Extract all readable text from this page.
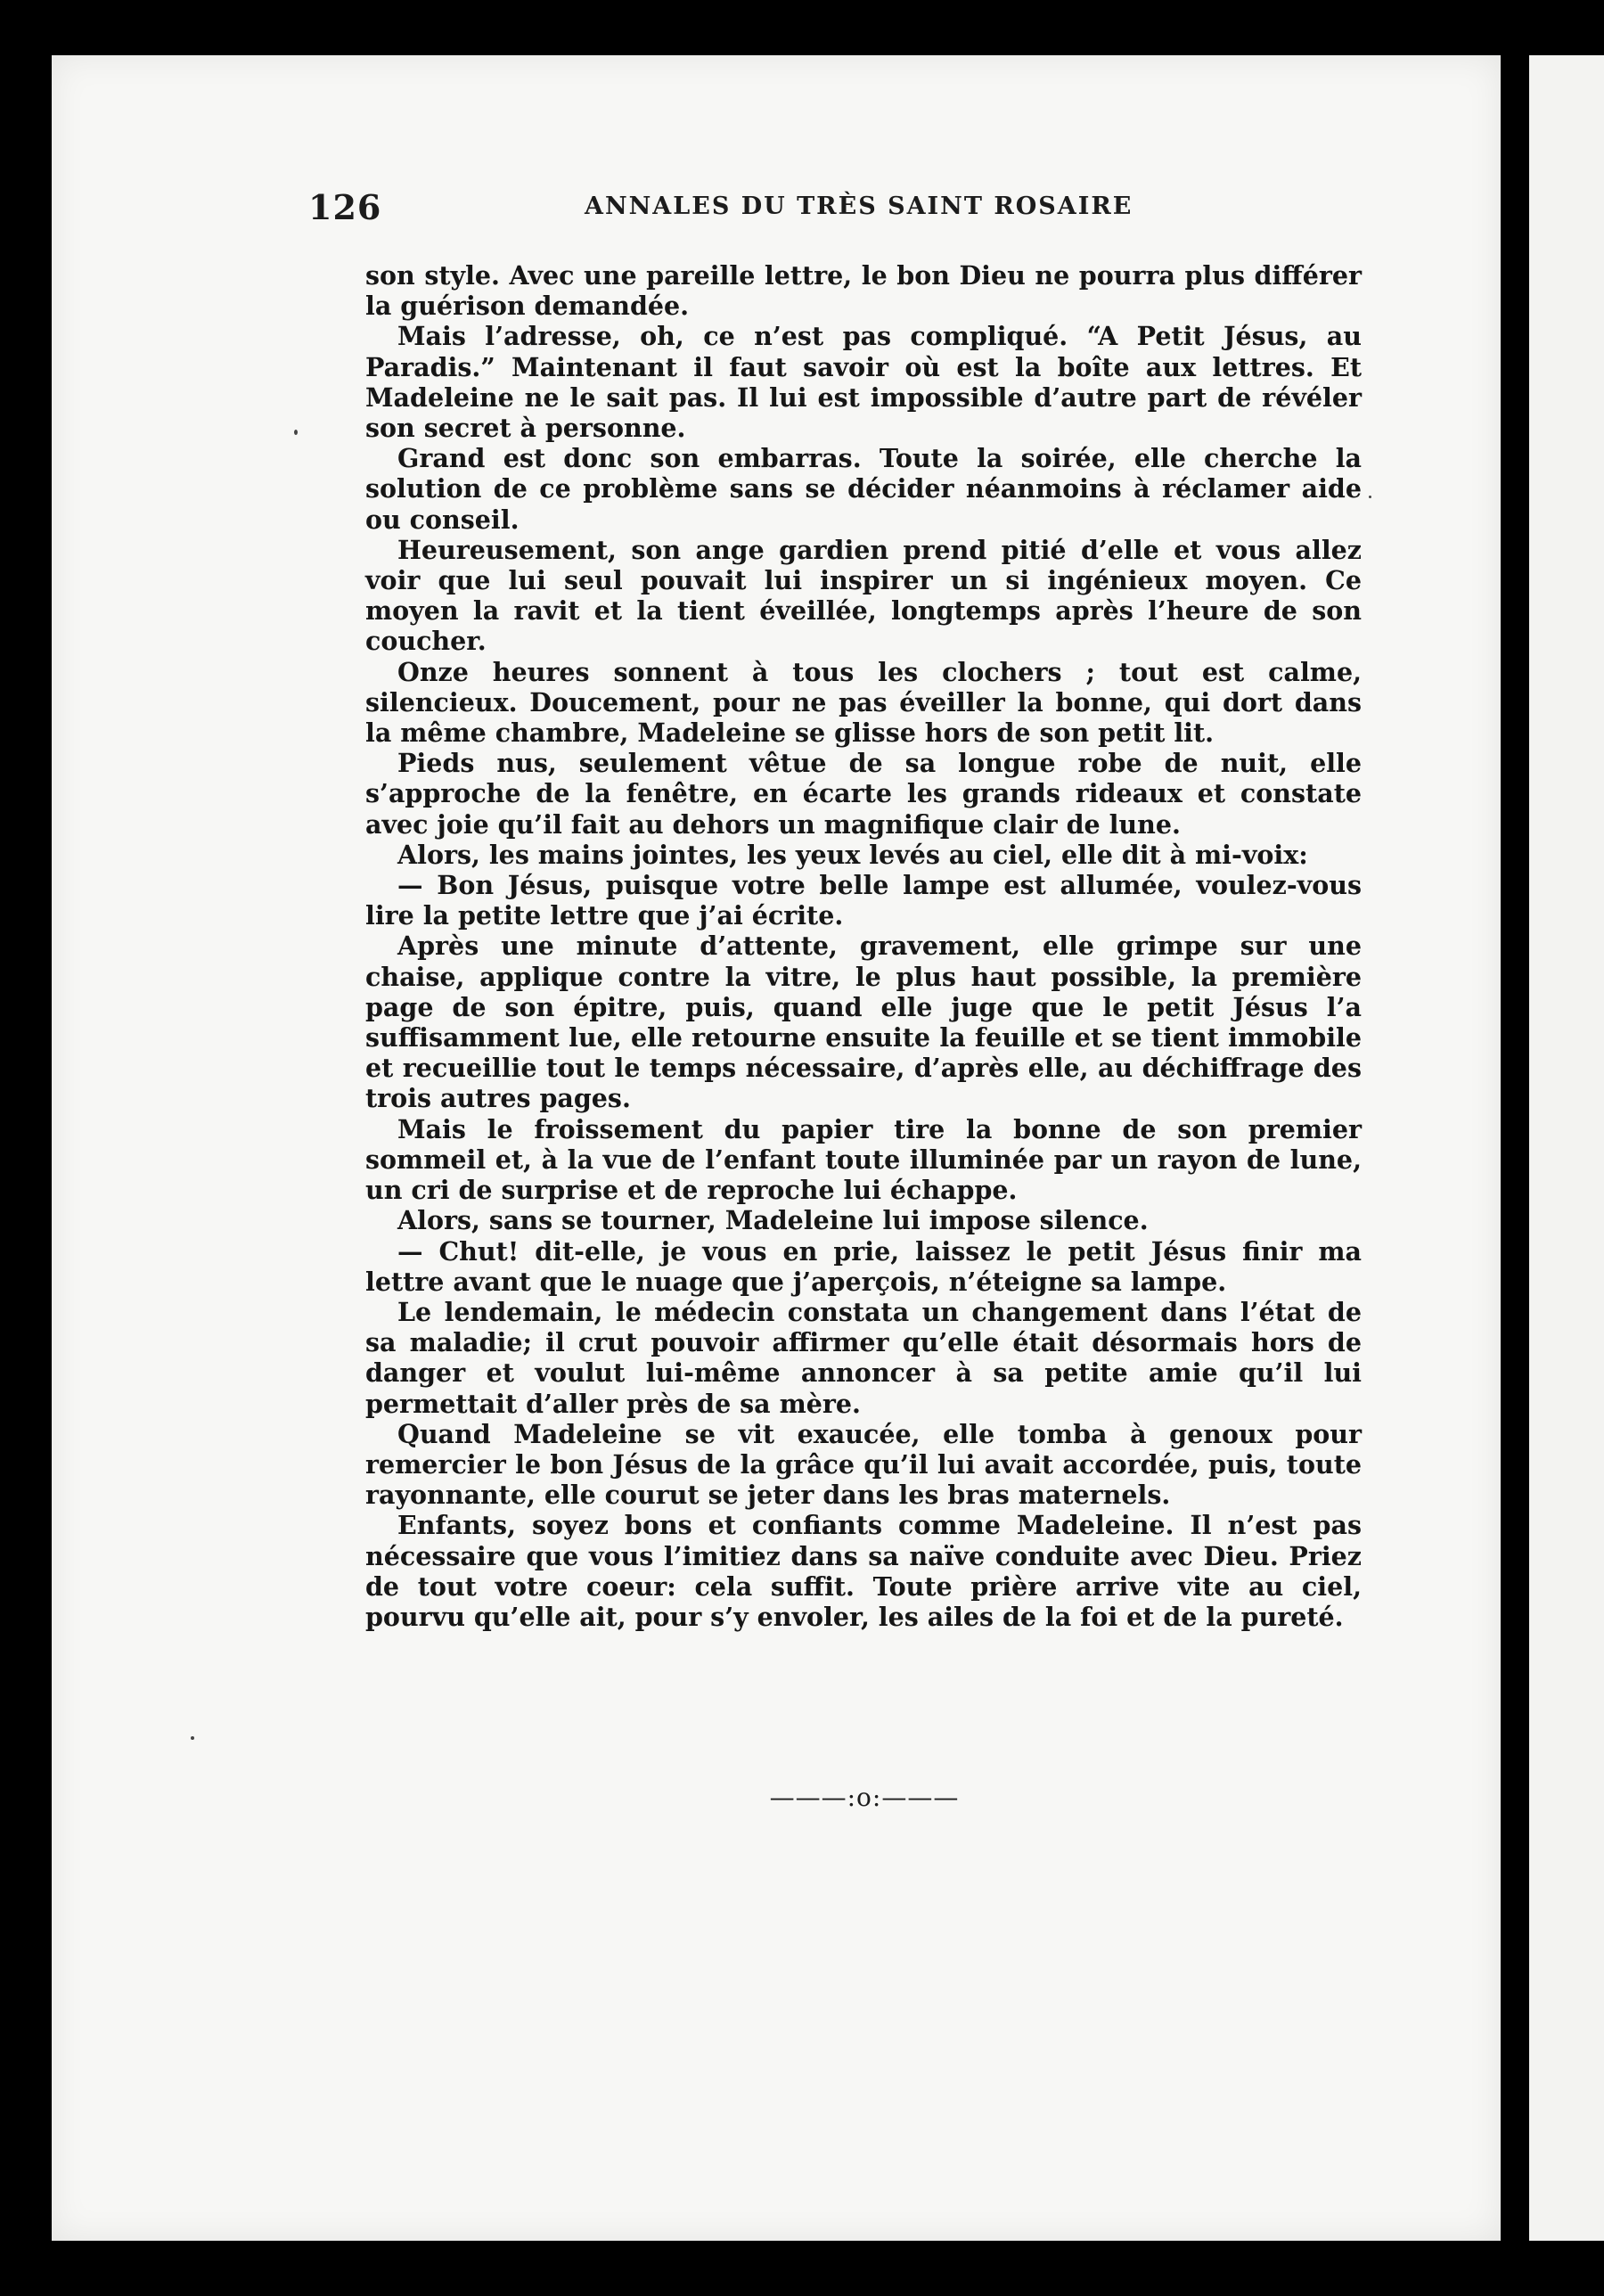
126	ANNALES DU TRÈS SAINT ROSAIRE

son style. Avec une pareille lettre, le bon Dieu ne pourra plus différer la guérison demandée.

Mais l’adresse, oh, ce n’est pas compliqué. “A Petit Jésus, au Paradis.” Maintenant il faut savoir où est la boîte aux lettres. Et Madeleine ne le sait pas. Il lui est impossible d’autre part de révéler son secret à personne.

Grand est donc son embarras. Toute la soirée, elle cherche la solution de ce problème sans se décider néanmoins à réclamer aide ou conseil.

Heureusement, son ange gardien prend pitié d’elle et vous allez voir que lui seul pouvait lui inspirer un si ingénieux moyen. Ce moyen la ravit et la tient éveillée, longtemps après l’heure de son coucher.

Onze heures sonnent à tous les clochers ; tout est calme, silencieux. Doucement, pour ne pas éveiller la bonne, qui dort dans la même chambre, Madeleine se glisse hors de son petit lit.

Pieds nus, seulement vêtue de sa longue robe de nuit, elle s’approche de la fenêtre, en écarte les grands rideaux et constate avec joie qu’il fait au dehors un magnifique clair de lune.

Alors, les mains jointes, les yeux levés au ciel, elle dit à mi-voix:

— Bon Jésus, puisque votre belle lampe est allumée, voulez-vous lire la petite lettre que j’ai écrite.

Après une minute d’attente, gravement, elle grimpe sur une chaise, applique contre la vitre, le plus haut possible, la première page de son épitre, puis, quand elle juge que le petit Jésus l’a suffisamment lue, elle retourne ensuite la feuille et se tient immobile et recueillie tout le temps nécessaire, d’après elle, au déchiffrage des trois autres pages.

Mais le froissement du papier tire la bonne de son premier sommeil et, à la vue de l’enfant toute illuminée par un rayon de lune, un cri de surprise et de reproche lui échappe.

Alors, sans se tourner, Madeleine lui impose silence.

— Chut! dit-elle, je vous en prie, laissez le petit Jésus finir ma lettre avant que le nuage que j’aperçois, n’éteigne sa lampe.

Le lendemain, le médecin constata un changement dans l’état de sa maladie; il crut pouvoir affirmer qu’elle était désormais hors de danger et voulut lui-même annoncer à sa petite amie qu’il lui permettait d’aller près de sa mère.

Quand Madeleine se vit exaucée, elle tomba à genoux pour remercier le bon Jésus de la grâce qu’il lui avait accordée, puis, toute rayonnante, elle courut se jeter dans les bras maternels.

Enfants, soyez bons et confiants comme Madeleine. Il n’est pas nécessaire que vous l’imitiez dans sa naïve conduite avec Dieu. Priez de tout votre coeur: cela suffit. Toute prière arrive vite au ciel, pourvu qu’elle ait, pour s’y envoler, les ailes de la foi et de la pureté.

———:o:———
